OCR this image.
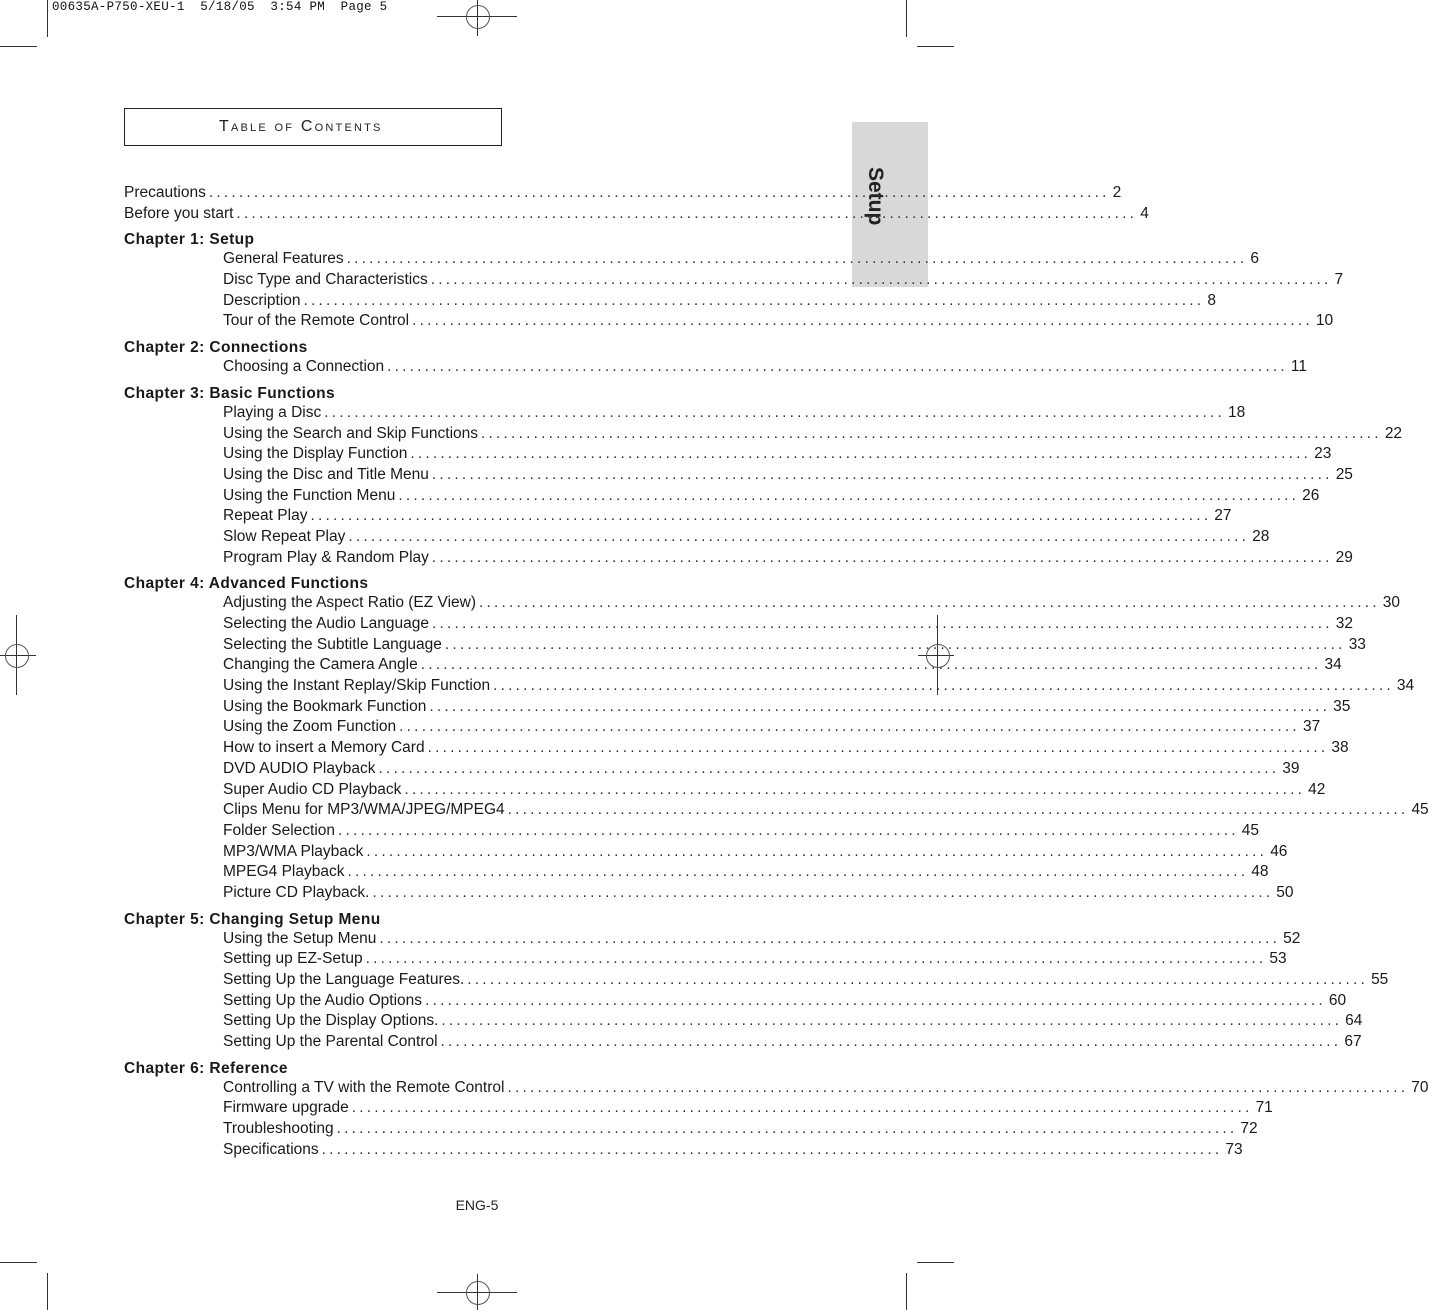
00635A-P750-XEU-1  5/18/05  3:54 PM  Page 5
Table of Contents
Setup
Precautions ........................................................................................................................ 2
Before you start ........................................................................................................................ 4
Chapter 1: Setup
General Features ........................................................................................................................ 6
Disc Type and Characteristics ........................................................................................................................ 7
Description ........................................................................................................................ 8
Tour of the Remote Control ........................................................................................................................ 10
Chapter 2: Connections
Choosing a Connection ........................................................................................................................ 11
Chapter 3: Basic Functions
Playing a Disc ........................................................................................................................ 18
Using the Search and Skip Functions ........................................................................................................................ 22
Using the Display Function ........................................................................................................................ 23
Using the Disc and Title Menu ........................................................................................................................ 25
Using the Function Menu ........................................................................................................................ 26
Repeat Play ........................................................................................................................ 27
Slow Repeat Play ........................................................................................................................ 28
Program Play & Random Play ........................................................................................................................ 29
Chapter 4: Advanced Functions
Adjusting the Aspect Ratio (EZ View) ........................................................................................................................ 30
Selecting the Audio Language ........................................................................................................................ 32
Selecting the Subtitle Language ........................................................................................................................ 33
Changing the Camera Angle ........................................................................................................................ 34
Using the Instant Replay/Skip Function ........................................................................................................................ 34
Using the Bookmark Function ........................................................................................................................ 35
Using the Zoom Function ........................................................................................................................ 37
How to insert a Memory Card ........................................................................................................................ 38
DVD AUDIO Playback ........................................................................................................................ 39
Super Audio CD Playback ........................................................................................................................ 42
Clips Menu for MP3/WMA/JPEG/MPEG4 ........................................................................................................................ 45
Folder Selection ........................................................................................................................ 45
MP3/WMA Playback ........................................................................................................................ 46
MPEG4 Playback ........................................................................................................................ 48
Picture CD Playback. ........................................................................................................................ 50
Chapter 5: Changing Setup Menu
Using the Setup Menu ........................................................................................................................ 52
Setting up EZ-Setup ........................................................................................................................ 53
Setting Up the Language Features. ........................................................................................................................ 55
Setting Up the Audio Options ........................................................................................................................ 60
Setting Up the Display Options. ........................................................................................................................ 64
Setting Up the Parental Control ........................................................................................................................ 67
Chapter 6: Reference
Controlling a TV with the Remote Control ........................................................................................................................ 70
Firmware upgrade ........................................................................................................................ 71
Troubleshooting ........................................................................................................................ 72
Specifications ........................................................................................................................ 73
ENG-5
